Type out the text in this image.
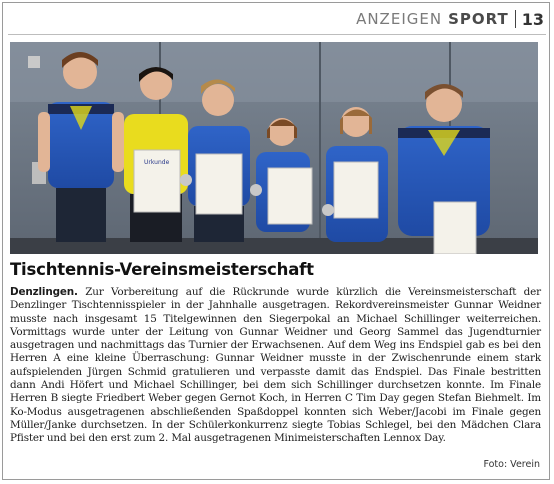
ANZEIGEN SPORT 13
Urkunde
Tischtennis-Vereinsmeisterschaft
Denzlingen. Zur Vorbereitung auf die Rückrunde wurde kürzlich die Vereinsmeisterschaft der Denzlinger Tischtennisspieler in der Jahnhalle ausgetragen. Rekordvereinsmeister Gunnar Weidner musste nach insgesamt 15 Titelgewinnen den Siegerpokal an Michael Schillinger weiterreichen. Vormittags wurde unter der Leitung von Gunnar Weidner und Georg Sammel das Jugendturnier ausgetragen und nachmittags das Turnier der Erwachsenen. Auf dem Weg ins Endspiel gab es bei den Herren A eine kleine Überraschung: Gunnar Weidner musste in der Zwischenrunde einem stark aufspielenden Jürgen Schmid gratulieren und verpasste damit das Endspiel. Das Finale bestritten dann Andi Höfert und Michael Schillinger, bei dem sich Schillinger durchsetzen konnte. Im Finale Herren B siegte Friedbert Weber gegen Gernot Koch, in Herren C Tim Day gegen Stefan Biehmelt. Im Ko-Modus ausgetragenen abschließenden Spaßdoppel konnten sich Weber/Jacobi im Finale gegen Müller/Janke durchsetzen. In der Schülerkonkurrenz siegte Tobias Schlegel, bei den Mädchen Clara Pfister und bei den erst zum 2. Mal ausgetragenen Minimeisterschaften Lennox Day.
Foto: Verein
